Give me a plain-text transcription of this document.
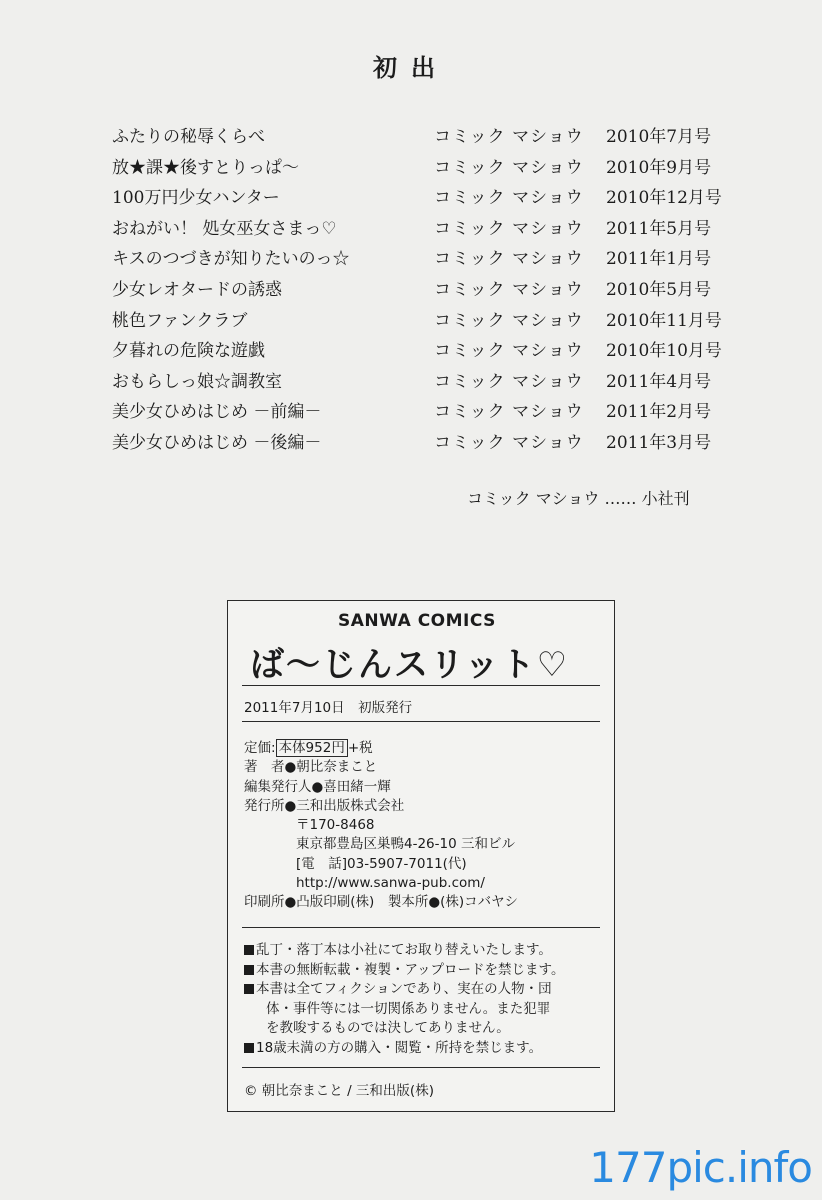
初出
ふたりの秘辱くらべ	コミック マショウ 2010年7月号
放★課★後すとりっぱ～	コミック マショウ 2010年9月号
100万円少女ハンター	コミック マショウ 2010年12月号
おねがい！ 処女巫女さまっ♡	コミック マショウ 2011年5月号
キスのつづきが知りたいのっ☆	コミック マショウ 2011年1月号
少女レオタードの誘惑	コミック マショウ 2010年5月号
桃色ファンクラブ	コミック マショウ 2010年11月号
夕暮れの危険な遊戯	コミック マショウ 2010年10月号
おもらしっ娘☆調教室	コミック マショウ 2011年4月号
美少女ひめはじめ －前編－	コミック マショウ 2011年2月号
美少女ひめはじめ －後編－	コミック マショウ 2011年3月号
コミック マショウ …… 小社刊
SANWA COMICS
ば～じんスリット♡
2011年7月10日　初版発行
定価: 本体952円 +税
著　者●朝比奈まこと
編集発行人●喜田緒一輝
発行所●三和出版株式会社
〒170-8468
東京都豊島区巣鴨4-26-10 三和ビル
[電　話]03-5907-7011(代)
http://www.sanwa-pub.com/
印刷所●凸版印刷(株)　製本所●(株)コバヤシ
乱丁・落丁本は小社にてお取り替えいたします。
本書の無断転載・複製・アップロードを禁じます。
本書は全てフィクションであり、実在の人物・団
体・事件等には一切関係ありません。また犯罪
を教唆するものでは決してありません。
18歳未満の方の購入・閲覧・所持を禁じます。
© 朝比奈まこと / 三和出版(株)
177pic.info
